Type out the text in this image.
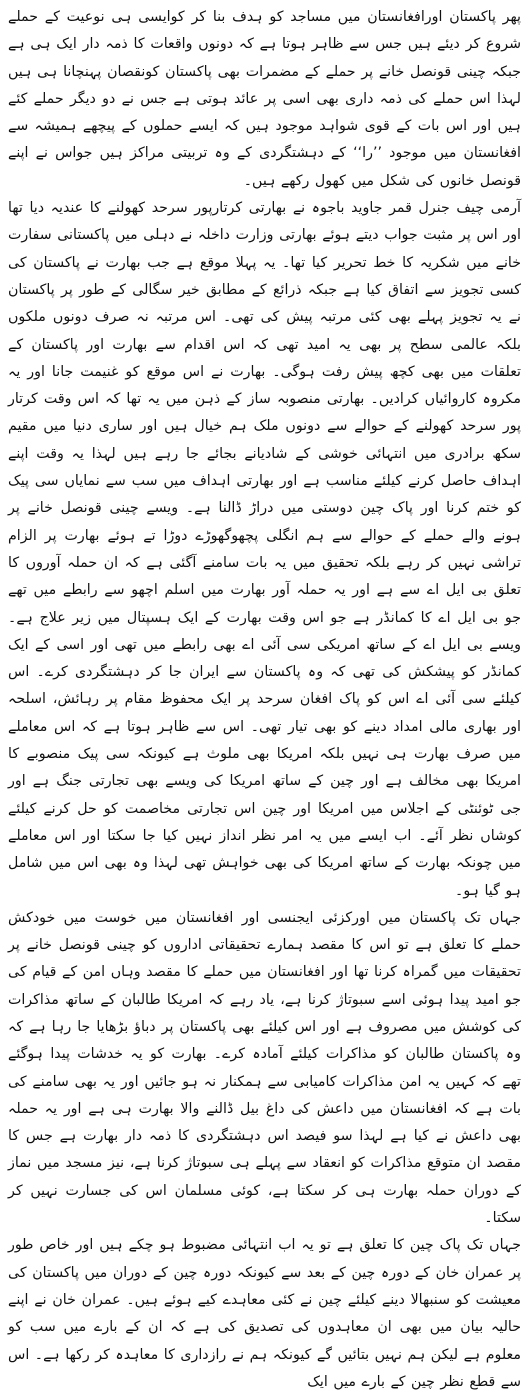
پھر پاکستان اورافغانستان میں مساجد کو ہدف بنا کر کوایسی ہی نوعیت کے حملے شروع کر دیئے ہیں جس سے ظاہر ہوتا ہے کہ دونوں واقعات کا ذمہ دار ایک ہی ہے جبکہ چینی قونصل خانے پر حملے کے مضمرات بھی پاکستان کونقصان پہنچانا ہی ہیں لہذا اس حملے کی ذمہ داری بھی اسی پر عائد ہوتی ہے جس نے دو دیگر حملے کئے ہیں اور اس بات کے قوی شواہد موجود ہیں کہ ایسے حملوں کے پیچھے ہمیشہ سے افغانستان میں موجود ’’را‘‘ کے دہشتگردی کے وہ تربیتی مراکز ہیں جواس نے اپنے قونصل خانوں کی شکل میں کھول رکھے ہیں۔

آرمی چیف جنرل قمر جاوید باجوہ نے بھارتی کرتارپور سرحد کھولنے کا عندیہ دیا تھا اور اس پر مثبت جواب دیتے ہوئے بھارتی وزارت داخلہ نے دہلی میں پاکستانی سفارت خانے میں شکریہ کا خط تحریر کیا تھا۔ یہ پہلا موقع ہے جب بھارت نے پاکستان کی کسی تجویز سے اتفاق کیا ہے جبکہ ذرائع کے مطابق خیر سگالی کے طور پر پاکستان نے یہ تجویز پہلے بھی کئی مرتبہ پیش کی تھی۔ اس مرتبہ نہ صرف دونوں ملکوں بلکہ عالمی سطح پر بھی یہ امید تھی کہ اس اقدام سے بھارت اور پاکستان کے تعلقات میں بھی کچھ پیش رفت ہوگی۔ بھارت نے اس موقع کو غنیمت جانا اور یہ مکروہ کاروائیاں کرادیں۔ بھارتی منصوبہ ساز کے ذہن میں یہ تھا کہ اس وقت کرتار پور سرحد کھولنے کے حوالے سے دونوں ملک ہم خیال ہیں اور ساری دنیا میں مقیم سکھ برادری میں انتہائی خوشی کے شادیانے بجائے جا رہے ہیں لہذا یہ وقت اپنے اہداف حاصل کرنے کیلئے مناسب ہے اور بھارتی اہداف میں سب سے نمایاں سی پیک کو ختم کرنا اور پاک چین دوستی میں دراڑ ڈالنا ہے۔ ویسے چینی قونصل خانے پر ہونے والے حملے کے حوالے سے ہم انگلی پچھوگھوڑے دوڑا تے ہوئے بھارت پر الزام تراشی نہیں کر رہے بلکہ تحقیق میں یہ بات سامنے آگئی ہے کہ ان حملہ آوروں کا تعلق بی ایل اے سے ہے اور یہ حملہ آور بھارت میں اسلم اچھو سے رابطے میں تھے جو بی ایل اے کا کمانڈر ہے جو اس وقت بھارت کے ایک ہسپتال میں زیر علاج ہے۔ ویسے بی ایل اے کے ساتھ امریکی سی آئی اے بھی رابطے میں تھی اور اسی کے ایک کمانڈر کو پیشکش کی تھی کہ وہ پاکستان سے ایران جا کر دہشتگردی کرے۔ اس کیلئے سی آئی اے اس کو پاک افغان سرحد پر ایک محفوظ مقام پر رہائش، اسلحہ اور بھاری مالی امداد دینے کو بھی تیار تھی۔ اس سے ظاہر ہوتا ہے کہ اس معاملے میں صرف بھارت ہی نہیں بلکہ امریکا بھی ملوث ہے کیونکہ سی پیک منصوبے کا امریکا بھی مخالف ہے اور چین کے ساتھ امریکا کی ویسے بھی تجارتی جنگ ہے اور جی ٹوئنٹی کے اجلاس میں امریکا اور چین اس تجارتی مخاصمت کو حل کرنے کیلئے کوشاں نظر آئے۔ اب ایسے میں یہ امر نظر انداز نہیں کیا جا سکتا اور اس معاملے میں چونکہ بھارت کے ساتھ امریکا کی بھی خواہش تھی لہذا وہ بھی اس میں شامل ہو گیا ہو۔

جہاں تک پاکستان میں اورکزئی ایجنسی اور افغانستان میں خوست میں خودکش حملے کا تعلق ہے تو اس کا مقصد ہمارے تحقیقاتی اداروں کو چینی قونصل خانے پر تحقیقات میں گمراہ کرنا تھا اور افغانستان میں حملے کا مقصد وہاں امن کے قیام کی جو امید پیدا ہوئی اسے سبوتاژ کرنا ہے، یاد رہے کہ امریکا طالبان کے ساتھ مذاکرات کی کوشش میں مصروف ہے اور اس کیلئے بھی پاکستان پر دباؤ بڑھایا جا رہا ہے کہ وہ پاکستان طالبان کو مذاکرات کیلئے آمادہ کرے۔ بھارت کو یہ خدشات پیدا ہوگئے تھے کہ کہیں یہ امن مذاکرات کامیابی سے ہمکنار نہ ہو جائیں اور یہ بھی سامنے کی بات ہے کہ افغانستان میں داعش کی داغ بیل ڈالنے والا بھارت ہی ہے اور یہ حملہ بھی داعش نے کیا ہے لہذا سو فیصد اس دہشتگردی کا ذمہ دار بھارت ہے جس کا مقصد ان متوقع مذاکرات کو انعقاد سے پہلے ہی سبوتاژ کرنا ہے، نیز مسجد میں نماز کے دوران حملہ بھارت ہی کر سکتا ہے، کوئی مسلمان اس کی جسارت نہیں کر سکتا۔

جہاں تک پاک چین کا تعلق ہے تو یہ اب انتہائی مضبوط ہو چکے ہیں اور خاص طور پر عمران خان کے دورہ چین کے بعد سے کیونکہ دورہ چین کے دوران میں پاکستان کی معیشت کو سنبھالا دینے کیلئے چین نے کئی معاہدے کیے ہوئے ہیں۔ عمران خان نے اپنے حالیہ بیان میں بھی ان معاہدوں کی تصدیق کی ہے کہ ان کے بارے میں سب کو معلوم ہے لیکن ہم نہیں بتائیں گے کیونکہ ہم نے رازداری کا معاہدہ کر رکھا ہے۔ اس سے قطع نظر چین کے بارے میں ایک
